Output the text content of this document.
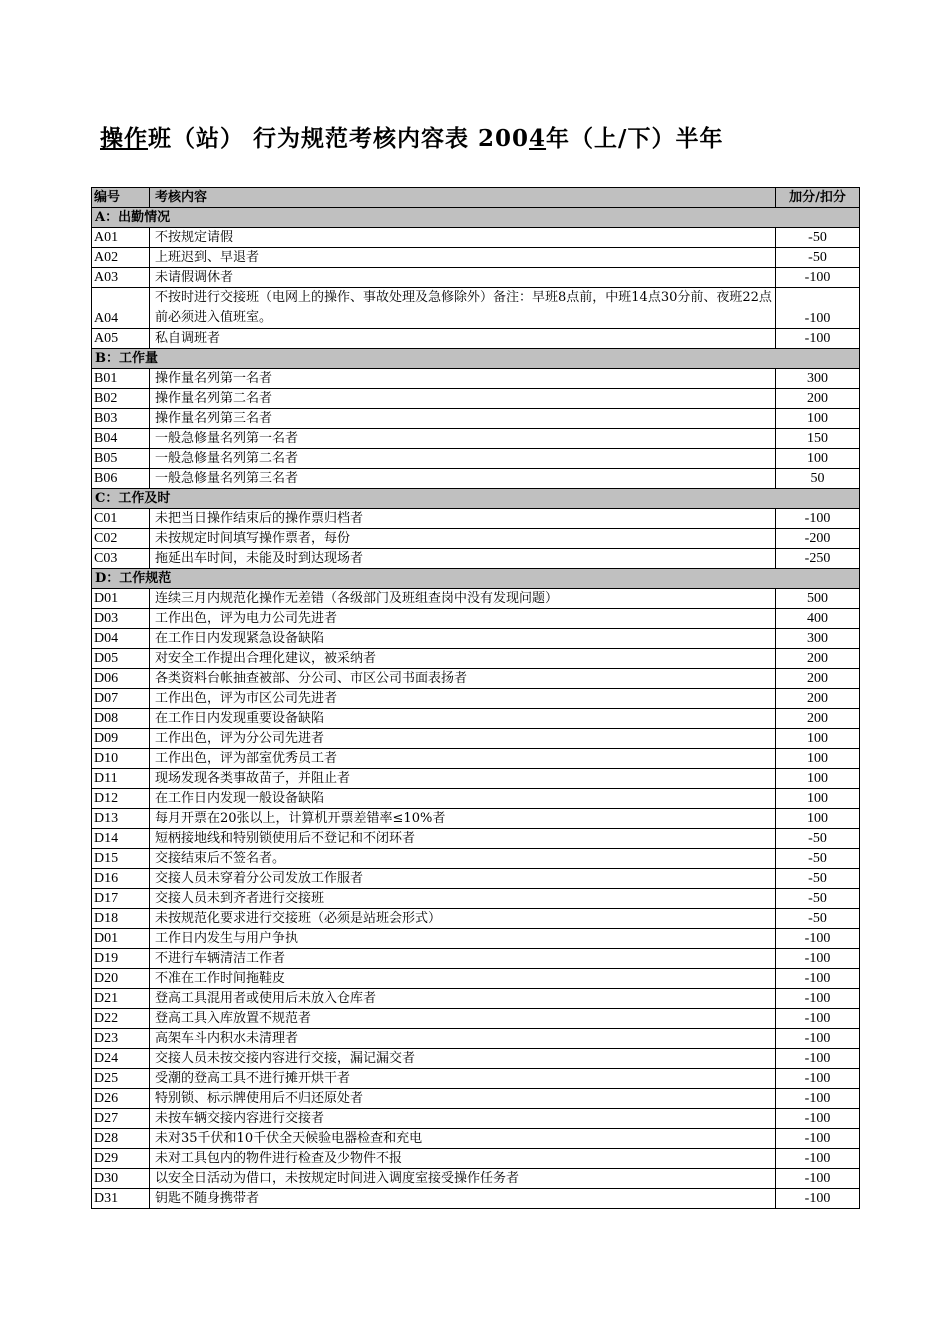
操作班（站） 行为规范考核内容表 2004年（上/下）半年
编号	考核内容	加分/扣分
A：出勤情况		
A01	不按规定请假	-50
A02	上班迟到、早退者	-50
A03	未请假调休者	-100
A04	不按时进行交接班（电网上的操作、事故处理及急修除外）备注：早班8点前，中班14点30分前、夜班22点前必须进入值班室。	-100
A05	私自调班者	-100
B：工作量		
B01	操作量名列第一名者	300
B02	操作量名列第二名者	200
B03	操作量名列第三名者	100
B04	一般急修量名列第一名者	150
B05	一般急修量名列第二名者	100
B06	一般急修量名列第三名者	50
C：工作及时		
C01	未把当日操作结束后的操作票归档者	-100
C02	未按规定时间填写操作票者，每份	-200
C03	拖延出车时间，未能及时到达现场者	-250
D：工作规范		
D01	连续三月内规范化操作无差错（各级部门及班组查岗中没有发现问题）	500
D03	工作出色，评为电力公司先进者	400
D04	在工作日内发现紧急设备缺陷	300
D05	对安全工作提出合理化建议，被采纳者	200
D06	各类资料台帐抽查被部、分公司、市区公司书面表扬者	200
D07	工作出色，评为市区公司先进者	200
D08	在工作日内发现重要设备缺陷	200
D09	工作出色，评为分公司先进者	100
D10	工作出色，评为部室优秀员工者	100
D11	现场发现各类事故苗子，并阻止者	100
D12	在工作日内发现一般设备缺陷	100
D13	每月开票在20张以上，计算机开票差错率≤10%者	100
D14	短柄接地线和特别锁使用后不登记和不闭环者	-50
D15	交接结束后不签名者。	-50
D16	交接人员未穿着分公司发放工作服者	-50
D17	交接人员未到齐者进行交接班	-50
D18	未按规范化要求进行交接班（必须是站班会形式）	-50
D01	工作日内发生与用户争执	-100
D19	不进行车辆清洁工作者	-100
D20	不准在工作时间拖鞋皮	-100
D21	登高工具混用者或使用后未放入仓库者	-100
D22	登高工具入库放置不规范者	-100
D23	高架车斗内积水未清理者	-100
D24	交接人员未按交接内容进行交接，漏记漏交者	-100
D25	受潮的登高工具不进行摊开烘干者	-100
D26	特别锁、标示牌使用后不归还原处者	-100
D27	未按车辆交接内容进行交接者	-100
D28	未对35千伏和10千伏全天候验电器检查和充电	-100
D29	未对工具包内的物件进行检查及少物件不报	-100
D30	以安全日活动为借口，未按规定时间进入调度室接受操作任务者	-100
D31	钥匙不随身携带者	-100
